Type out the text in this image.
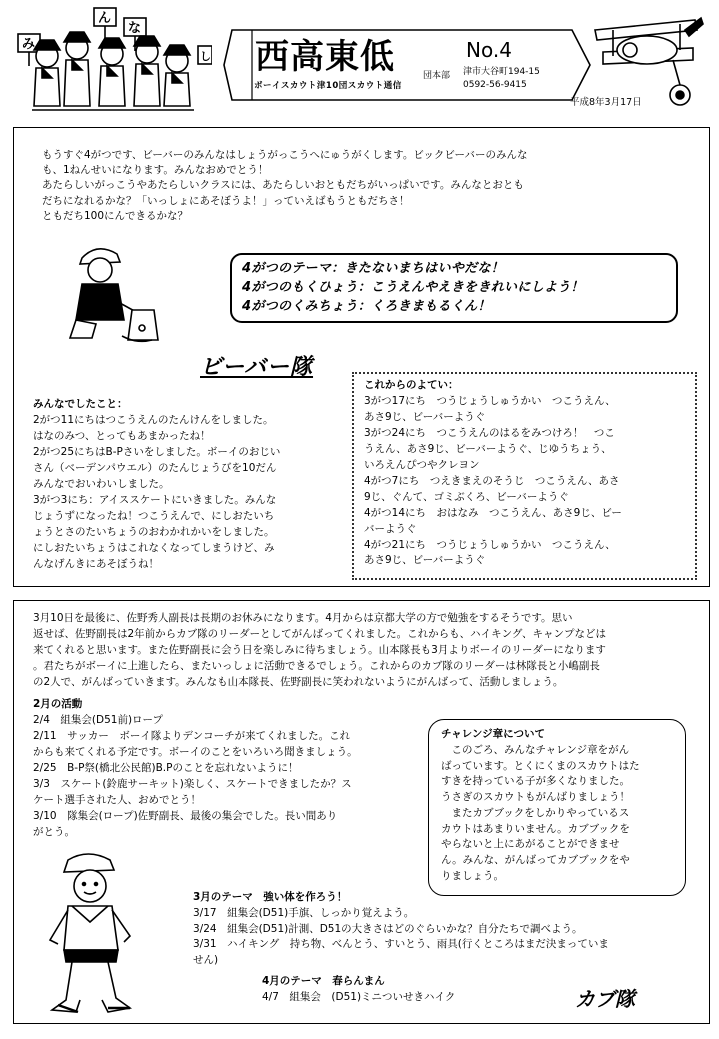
み
ん
な
し 西高東低	No.4
団本部 津市大谷町194-15
0592-56-9415
ボーイスカウト津10団スカウト通信
平成8年3月17日
もうすぐ4がつです、ビーバーのみんなはしょうがっこうへにゅうがくします。ビックビーバーのみんな
も、1ねんせいになります。みんなおめでとう！
あたらしいがっこうやあたらしいクラスには、あたらしいおともだちがいっぱいです。みんなとおとも
だちになれるかな？「いっしょにあそぼうよ！」っていえばもうともだちさ！
ともだち100にんできるかな？
4がつのテーマ：きたないまちはいやだな！
4がつのもくひょう：こうえんやえきをきれいにしよう！
4がつのくみちょう：くろきまもるくん！
ビーバー隊
みんなでしたこと：
2がつ11にちはつこうえんのたんけんをしました。
はなのみつ、とってもあまかったね！
2がつ25にちはB-Pさいをしました。ボーイのおじい
さん（ベーデンパウエル）のたんじょうびを10だん
みんなでおいわいしました。
3がつ3にち：アイススケートにいきました。みんな
じょうずになったね！つこうえんで、にしおたいち
ょうとさのたいちょうのおわかれかいをしました。
にしおたいちょうはこれなくなってしまうけど、み
んなげんきにあそぼうね！
これからのよてい：
3がつ17にち　つうじょうしゅうかい　つこうえん、
あさ9じ、ビーバーようぐ
3がつ24にち　つこうえんのはるをみつけろ！　つこ
うえん、あさ9じ、ビーバーようぐ、じゆうちょう、
いろえんぴつやクレヨン
4がつ7にち　つえきまえのそうじ　つこうえん、あさ
9じ、ぐんて、ゴミぶくろ、ビーバーようぐ
4がつ14にち　おはなみ　つこうえん、あさ9じ、ビー
バーようぐ
4がつ21にち　つうじょうしゅうかい　つこうえん、
あさ9じ、ビーバーようぐ
3月10日を最後に、佐野秀人副長は長期のお休みになります。4月からは京都大学の方で勉強をするそうです。思い
返せば、佐野副長は2年前からカブ隊のリーダーとしてがんばってくれました。これからも、ハイキング、キャンプなどは
来てくれると思います。また佐野副長に会う日を楽しみに待ちましょう。山本隊長も3月よりボーイのリーダーになります
。君たちがボーイに上進したら、またいっしょに活動できるでしょう。これからのカブ隊のリーダーは林隊長と小嶋副長
の2人で、がんばっていきます。みんなも山本隊長、佐野副長に笑われないようにがんばって、活動しましょう。
2月の活動
2/4　組集会(D51前)ロープ
2/11　サッカー　ボーイ隊よりデンコーチが来てくれました。これ
からも来てくれる予定です。ボーイのことをいろいろ聞きましょう。
2/25　B-P祭(橋北公民館)B.Pのことを忘れないように！
3/3　スケート(鈴鹿サーキット)楽しく、スケートできましたか？ス
ケート選手された人、おめでとう！
3/10　隊集会(ロープ)佐野副長、最後の集会でした。長い間あり
がとう。
チャレンジ章について
　このごろ、みんなチャレンジ章をがん
ばっています。とくにくまのスカウトはた
すきを持っている子が多くなりました。
うさぎのスカウトもがんばりましょう！
　またカブブックをしかりやっているス
カウトはあまりいません。カブブックを
やらないと上にあがることができませ
ん。みんな、がんばってカブブックをや
りましょう。
3月のテーマ　強い体を作ろう！
3/17　組集会(D51)手旗、しっかり覚えよう。
3/24　組集会(D51)計測、D51の大きさはどのぐらいかな？自分たちで調べよう。
3/31　ハイキング　持ち物、べんとう、すいとう、雨具(行くところはまだ決まっていま
せん)
4月のテーマ　春らんまん
4/7　組集会　(D51)ミニついせきハイク	カブ隊
